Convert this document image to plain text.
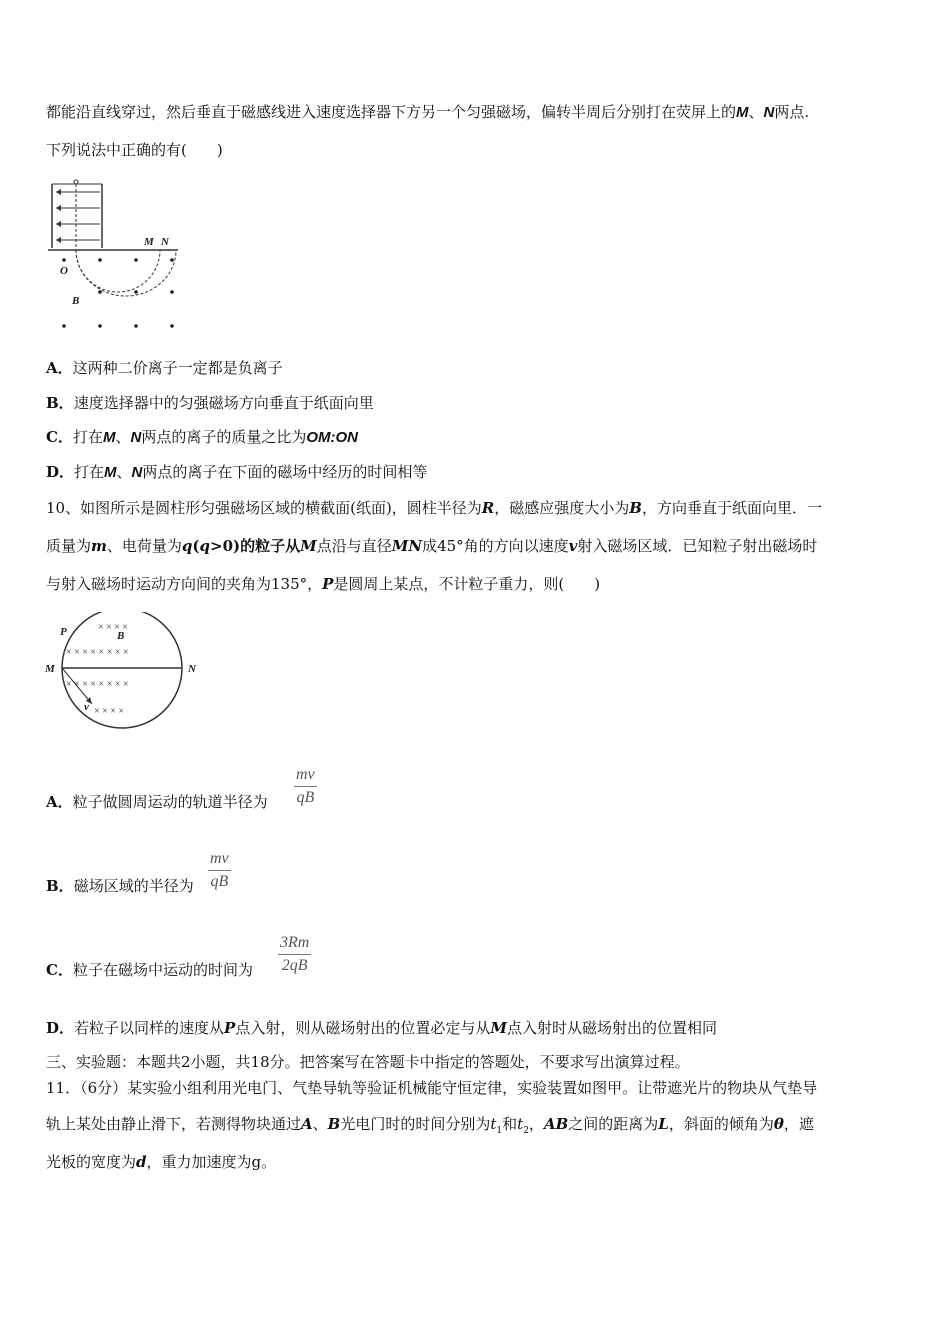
都能沿直线穿过，然后垂直于磁感线进入速度选择器下方另一个匀强磁场，偏转半周后分别打在荧屏上的M、N两点.
下列说法中正确的有(　　)
M N
O
B
A．这两种二价离子一定都是负离子
B．速度选择器中的匀强磁场方向垂直于纸面向里
C．打在M、N两点的离子的质量之比为OM:ON
D．打在M、N两点的离子在下面的磁场中经历的时间相等
10、如图所示是圆柱形匀强磁场区域的横截面(纸面)，圆柱半径为R，磁感应强度大小为B，方向垂直于纸面向里．一
质量为m、电荷量为q(q>0)的粒子从M点沿与直径MN成45°角的方向以速度v射入磁场区域．已知粒子射出磁场时
与射入磁场时运动方向间的夹角为135°，P是圆周上某点，不计粒子重力，则(　　)
P	B
M	N
v
× × × ×
× × × × × × × ×
× × × × × × × ×
× × × ×
A．粒子做圆周运动的轨道半径为 $\frac{mv}{qB}$
B．磁场区域的半径为 $\frac{mv}{qB}$
C．粒子在磁场中运动的时间为 $\frac{3Rm}{2qB}$
D．若粒子以同样的速度从P点入射，则从磁场射出的位置必定与从M点入射时从磁场射出的位置相同
三、实验题：本题共2小题，共18分。把答案写在答题卡中指定的答题处，不要求写出演算过程。
11．（6分）某实验小组利用光电门、气垫导轨等验证机械能守恒定律，实验装置如图甲。让带遮光片的物块从气垫导
轨上某处由静止滑下，若测得物块通过A、B光电门时的时间分别为$t_1$和$t_2$，AB之间的距离为L，斜面的倾角为θ，遮
光板的宽度为d，重力加速度为g。
